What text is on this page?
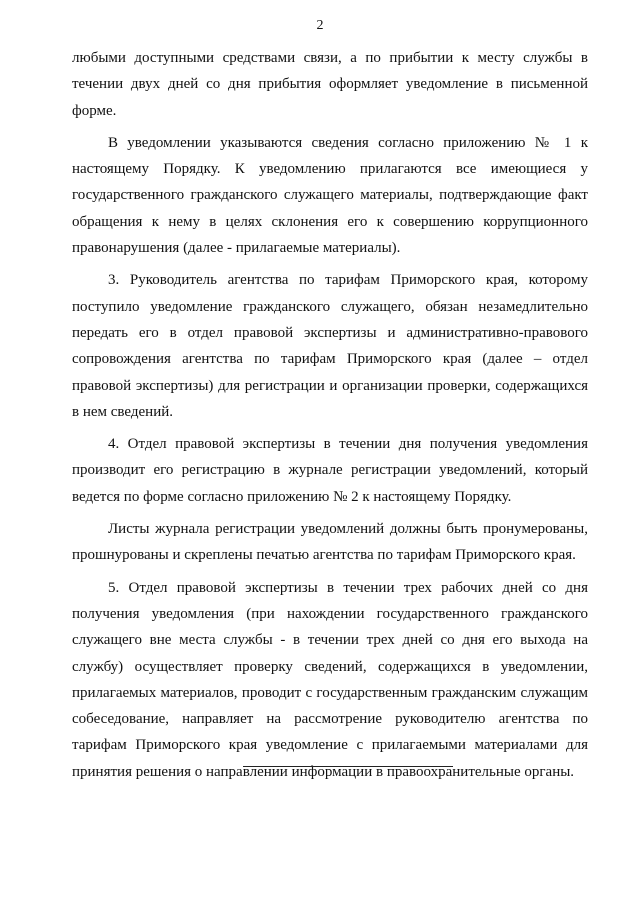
2

любыми доступными средствами связи, а по прибытии к месту службы в течении двух дней со дня прибытия оформляет уведомление в письменной форме.

В уведомлении указываются сведения согласно приложению № 1 к настоящему Порядку. К уведомлению прилагаются все имеющиеся у государственного гражданского служащего материалы, подтверждающие факт обращения к нему в целях склонения его к совершению коррупционного правонарушения (далее - прилагаемые материалы).

3. Руководитель агентства по тарифам Приморского края, которому поступило уведомление гражданского служащего, обязан незамедлительно передать его в отдел правовой экспертизы и административно-правового сопровождения агентства по тарифам Приморского края (далее – отдел правовой экспертизы) для регистрации и организации проверки, содержащихся в нем сведений.

4. Отдел правовой экспертизы в течении дня получения уведомления производит его регистрацию в журнале регистрации уведомлений, который ведется по форме согласно приложению № 2 к настоящему Порядку.

Листы журнала регистрации уведомлений должны быть пронумерованы, прошнурованы и скреплены печатью агентства по тарифам Приморского края.

5. Отдел правовой экспертизы в течении трех рабочих дней со дня получения уведомления (при нахождении государственного гражданского служащего вне места службы - в течении трех дней со дня его выхода на службу) осуществляет проверку сведений, содержащихся в уведомлении, прилагаемых материалов, проводит с государственным гражданским служащим собеседование, направляет на рассмотрение руководителю агентства по тарифам Приморского края уведомление с прилагаемыми материалами для принятия решения о направлении информации в правоохранительные органы.
